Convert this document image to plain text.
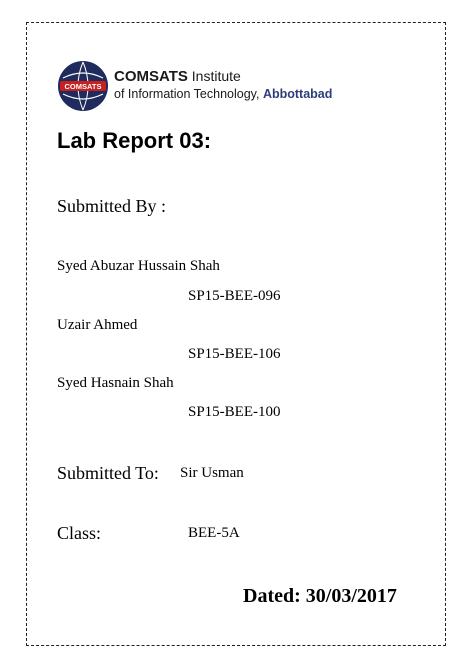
COMSATS
COMSATS Institute
of Information Technology, Abbottabad
Lab Report 03:
Submitted By :
Syed Abuzar Hussain Shah
SP15-BEE-096
Uzair Ahmed
SP15-BEE-106
Syed Hasnain Shah
SP15-BEE-100
Submitted To: Sir Usman
Class:	BEE-5A
Dated: 30/03/2017
